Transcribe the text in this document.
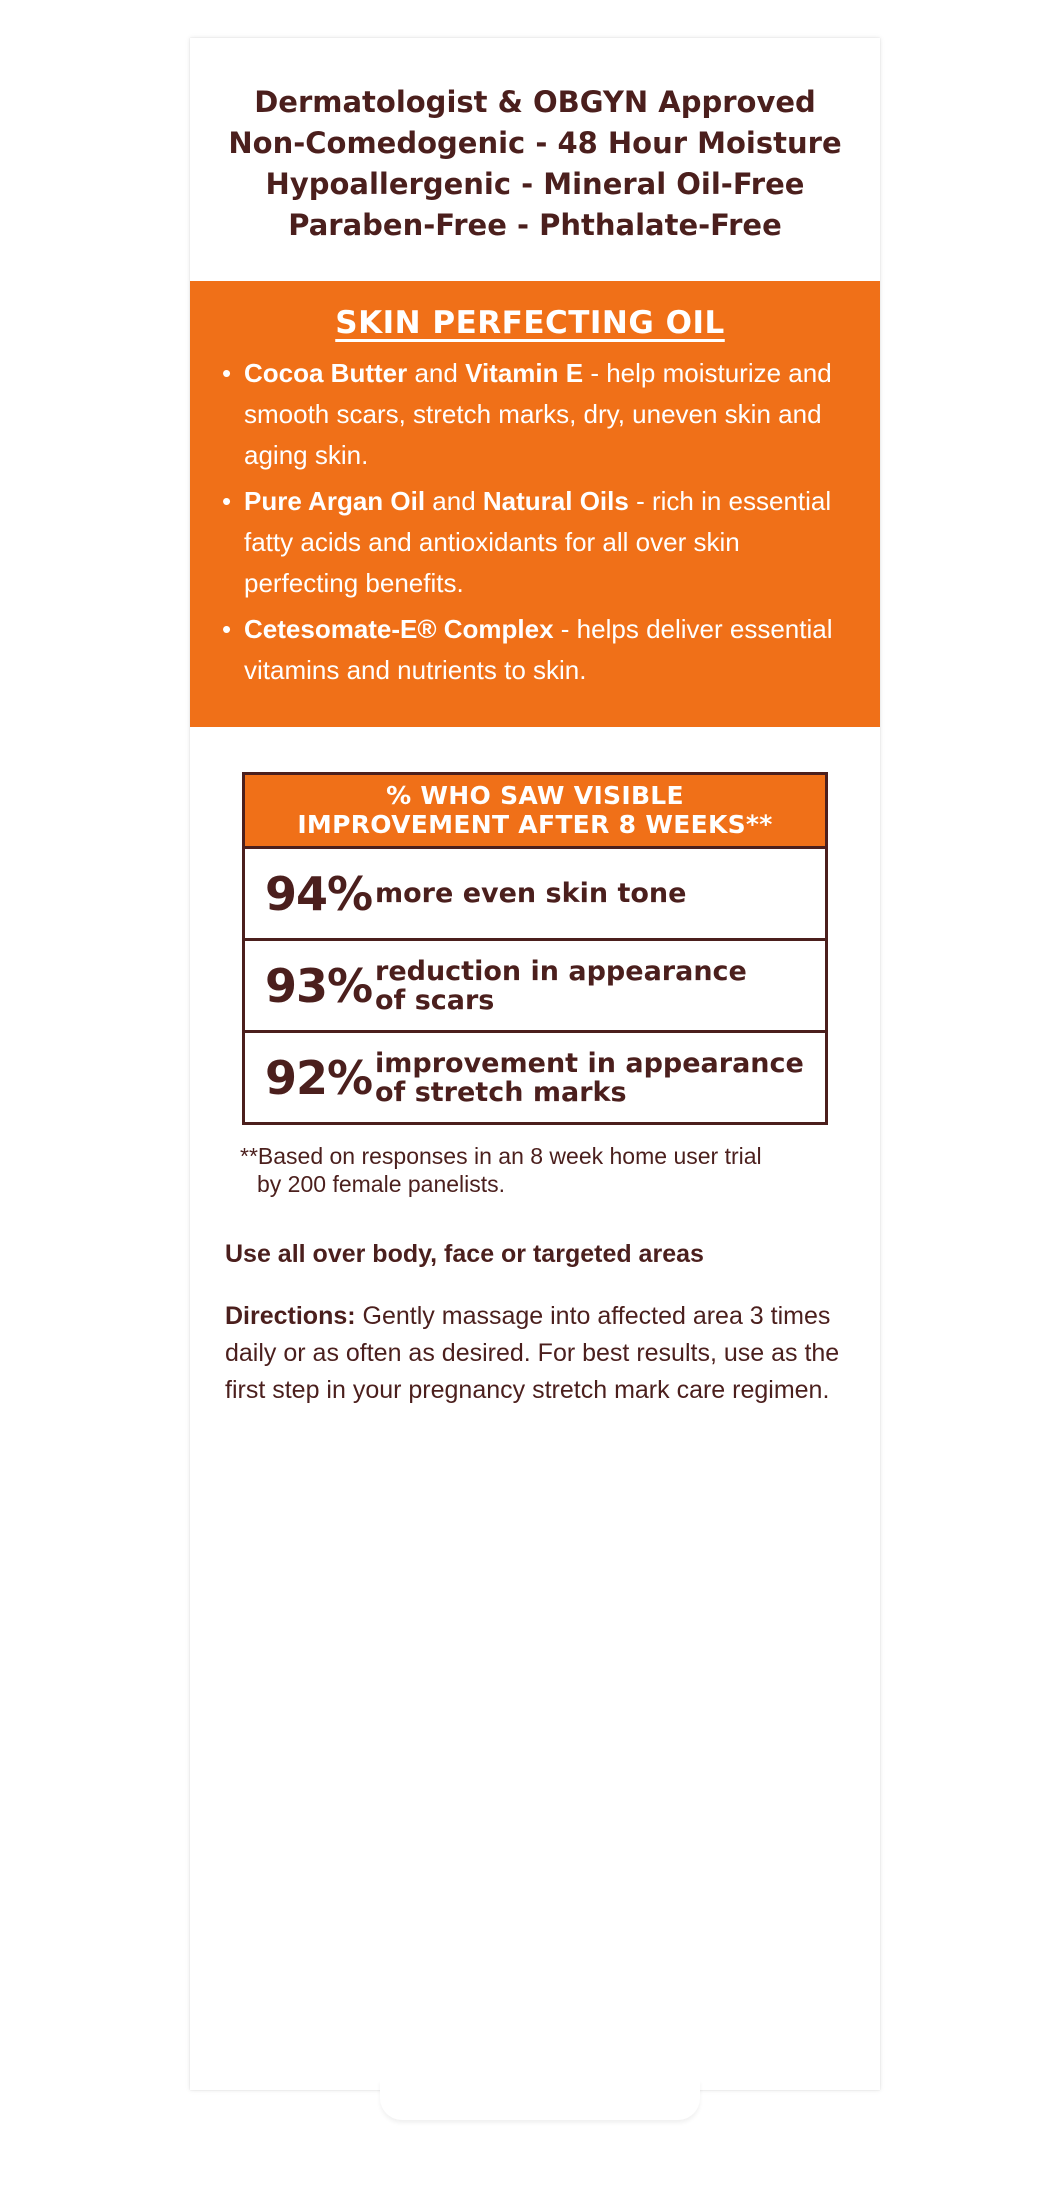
Dermatologist & OBGYN Approved
Non-Comedogenic - 48 Hour Moisture
Hypoallergenic - Mineral Oil-Free
Paraben-Free - Phthalate-Free
SKIN PERFECTING OIL
• Cocoa Butter and Vitamin E - help moisturize and smooth scars, stretch marks, dry, uneven skin and aging skin.
• Pure Argan Oil and Natural Oils - rich in essential fatty acids and antioxidants for all over skin perfecting benefits.
• Cetesomate-E® Complex - helps deliver essential vitamins and nutrients to skin.
% WHO SAW VISIBLE
IMPROVEMENT AFTER 8 WEEKS**
94% more even skin tone
93% reduction in appearance
of scars
92% improvement in appearance
of stretch marks
**Based on responses in an 8 week home user trial
by 200 female panelists.
Use all over body, face or targeted areas
Directions: Gently massage into affected area 3 times daily or as often as desired. For best results, use as the first step in your pregnancy stretch mark care regimen.
